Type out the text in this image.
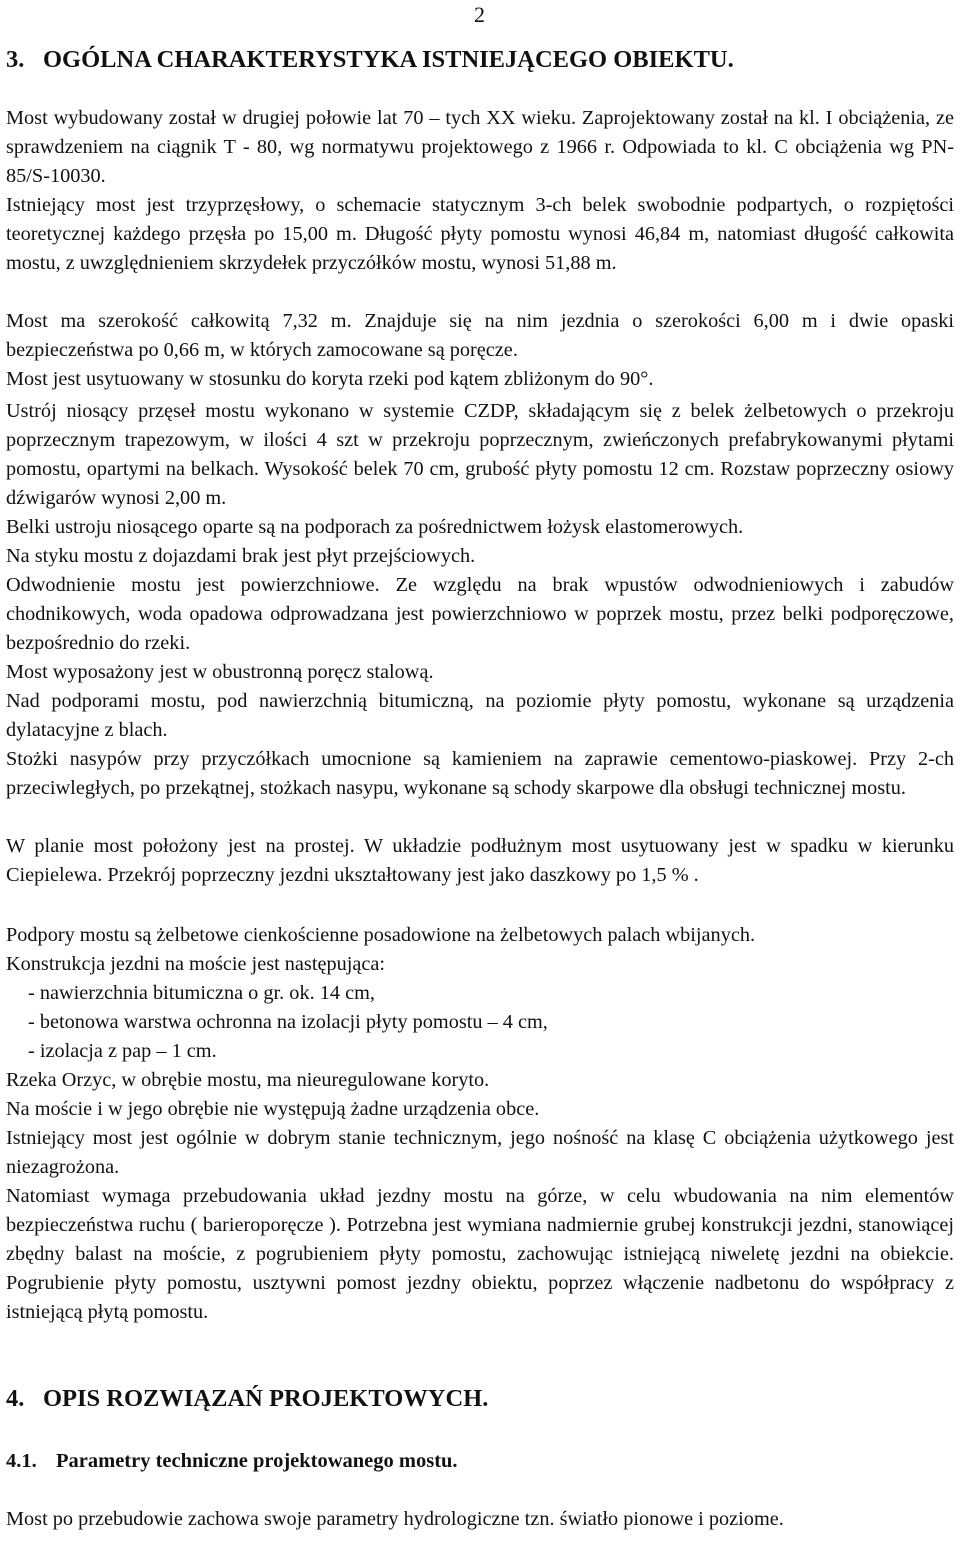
2
3. OGÓLNA CHARAKTERYSTYKA ISTNIEJĄCEGO OBIEKTU.

Most wybudowany został w drugiej połowie lat 70 – tych XX wieku. Zaprojektowany został na kl. I obciążenia, ze sprawdzeniem na ciągnik T - 80, wg normatywu projektowego z 1966 r. Odpowiada to kl. C obciążenia wg PN-85/S-10030.

Istniejący most jest trzyprzęsłowy, o schemacie statycznym 3-ch belek swobodnie podpartych, o rozpiętości teoretycznej każdego przęsła po 15,00 m. Długość płyty pomostu wynosi 46,84 m, natomiast długość całkowita mostu, z uwzględnieniem skrzydełek przyczółków mostu, wynosi 51,88 m.

Most ma szerokość całkowitą 7,32 m. Znajduje się na nim jezdnia o szerokości 6,00 m i dwie opaski bezpieczeństwa po 0,66 m, w których zamocowane są poręcze.

Most jest usytuowany w stosunku do koryta rzeki pod kątem zbliżonym do 90°.

Ustrój niosący przęseł mostu wykonano w systemie CZDP, składającym się z belek żelbetowych o przekroju poprzecznym trapezowym, w ilości 4 szt w przekroju poprzecznym, zwieńczonych prefabrykowanymi płytami pomostu, opartymi na belkach. Wysokość belek 70 cm, grubość płyty pomostu 12 cm. Rozstaw poprzeczny osiowy dźwigarów wynosi 2,00 m.

Belki ustroju niosącego oparte są na podporach za pośrednictwem łożysk elastomerowych.

Na styku mostu z dojazdami brak jest płyt przejściowych.

Odwodnienie mostu jest powierzchniowe. Ze względu na brak wpustów odwodnieniowych i zabudów chodnikowych, woda opadowa odprowadzana jest powierzchniowo w poprzek mostu, przez belki podporęczowe, bezpośrednio do rzeki.

Most wyposażony jest w obustronną poręcz stalową.

Nad podporami mostu, pod nawierzchnią bitumiczną, na poziomie płyty pomostu, wykonane są urządzenia dylatacyjne z blach.

Stożki nasypów przy przyczółkach umocnione są kamieniem na zaprawie cementowo-piaskowej. Przy 2-ch przeciwległych, po przekątnej, stożkach nasypu, wykonane są schody skarpowe dla obsługi technicznej mostu.

W planie most położony jest na prostej. W układzie podłużnym most usytuowany jest w spadku w kierunku Ciepielewa. Przekrój poprzeczny jezdni ukształtowany jest jako daszkowy po 1,5 % .

Podpory mostu są żelbetowe cienkościenne posadowione na żelbetowych palach wbijanych.

Konstrukcja jezdni na moście jest następująca:

- nawierzchnia bitumiczna o gr. ok. 14 cm,
- betonowa warstwa ochronna na izolacji płyty pomostu – 4 cm,
- izolacja z pap – 1 cm.

Rzeka Orzyc, w obrębie mostu, ma nieuregulowane koryto.

Na moście i w jego obrębie nie występują żadne urządzenia obce.

Istniejący most jest ogólnie w dobrym stanie technicznym, jego nośność na klasę C obciążenia użytkowego jest niezagrożona.

Natomiast wymaga przebudowania układ jezdny mostu na górze, w celu wbudowania na nim elementów bezpieczeństwa ruchu ( barieroporęcze ). Potrzebna jest wymiana nadmiernie grubej konstrukcji jezdni, stanowiącej zbędny balast na moście, z pogrubieniem płyty pomostu, zachowując istniejącą niweletę jezdni na obiekcie. Pogrubienie płyty pomostu, usztywni pomost jezdny obiektu, poprzez włączenie nadbetonu do współpracy z istniejącą płytą pomostu.

4. OPIS ROZWIĄZAŃ PROJEKTOWYCH.
4.1. Parametry techniczne projektowanego mostu.

Most po przebudowie zachowa swoje parametry hydrologiczne tzn. światło pionowe i poziome.
